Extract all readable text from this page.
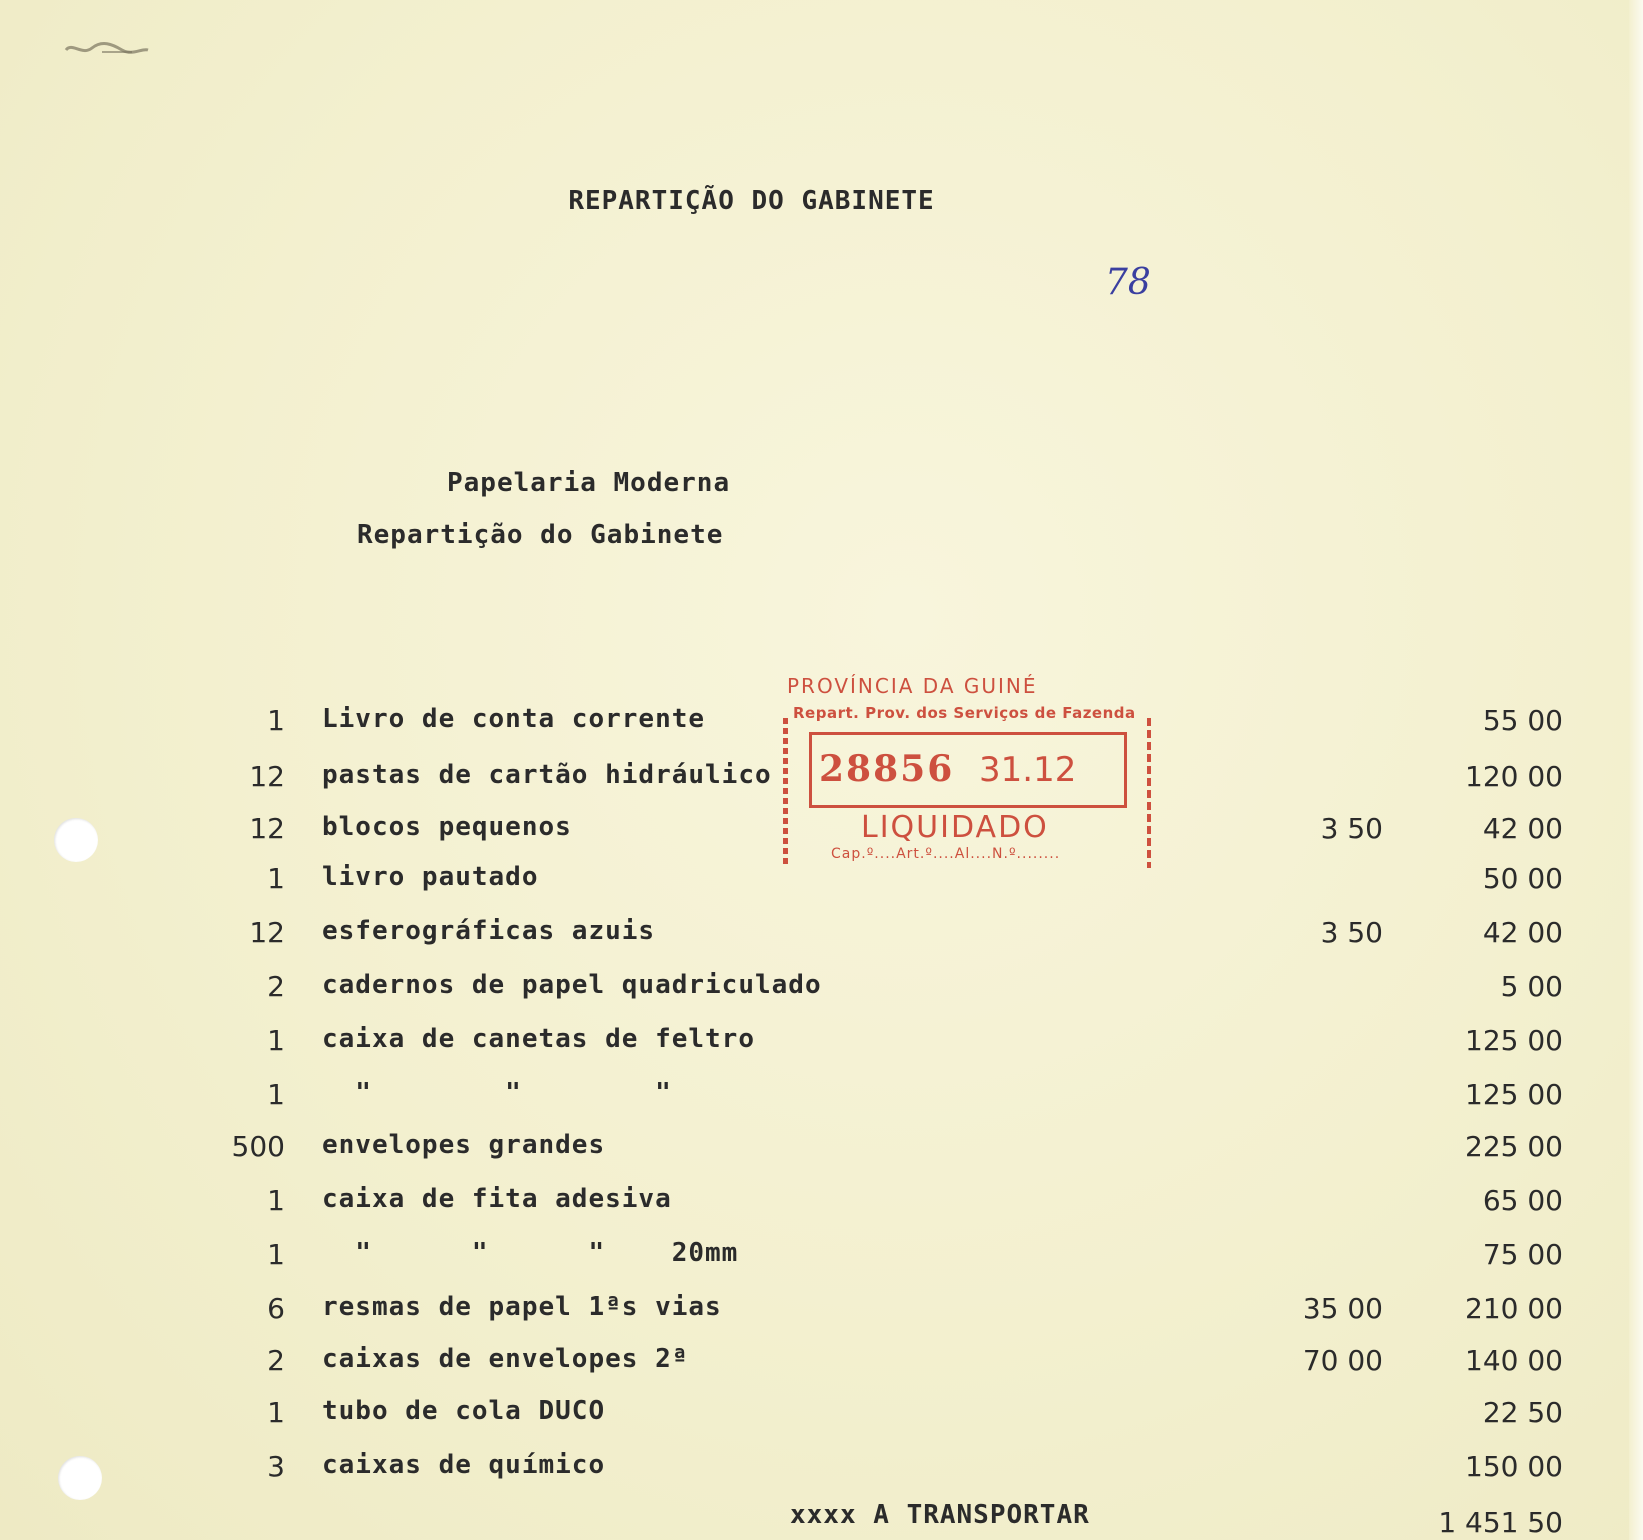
REPARTIÇÃO DO GABINETE
78
Papelaria Moderna
Repartição do Gabinete
1 Livro de conta corrente	55 00
12 pastas de cartão hidráulico	120 00
12 blocos pequenos	3 50	42 00
1 livro pautado	50 00
12 esferográficas azuis	3 50	42 00
2 cadernos de papel quadriculado	5 00
1 caixa de canetas de feltro	125 00
1 "        "        "	125 00
500 envelopes grandes	225 00
1 caixa de fita adesiva	65 00
1 "      "      "    20mm	75 00
6 resmas de papel 1ªs vias	35 00	210 00
2 caixas de envelopes 2ª	70 00	140 00
1 tubo de cola DUCO	22 50
3 caixas de químico	150 00
xxxx A TRANSPORTAR	1 451 50
PROVÍNCIA DA GUINÉ
Repart. Prov. dos Serviços de Fazenda
28856 31.12
LIQUIDADO
Cap.º....Art.º....Al....N.º........
